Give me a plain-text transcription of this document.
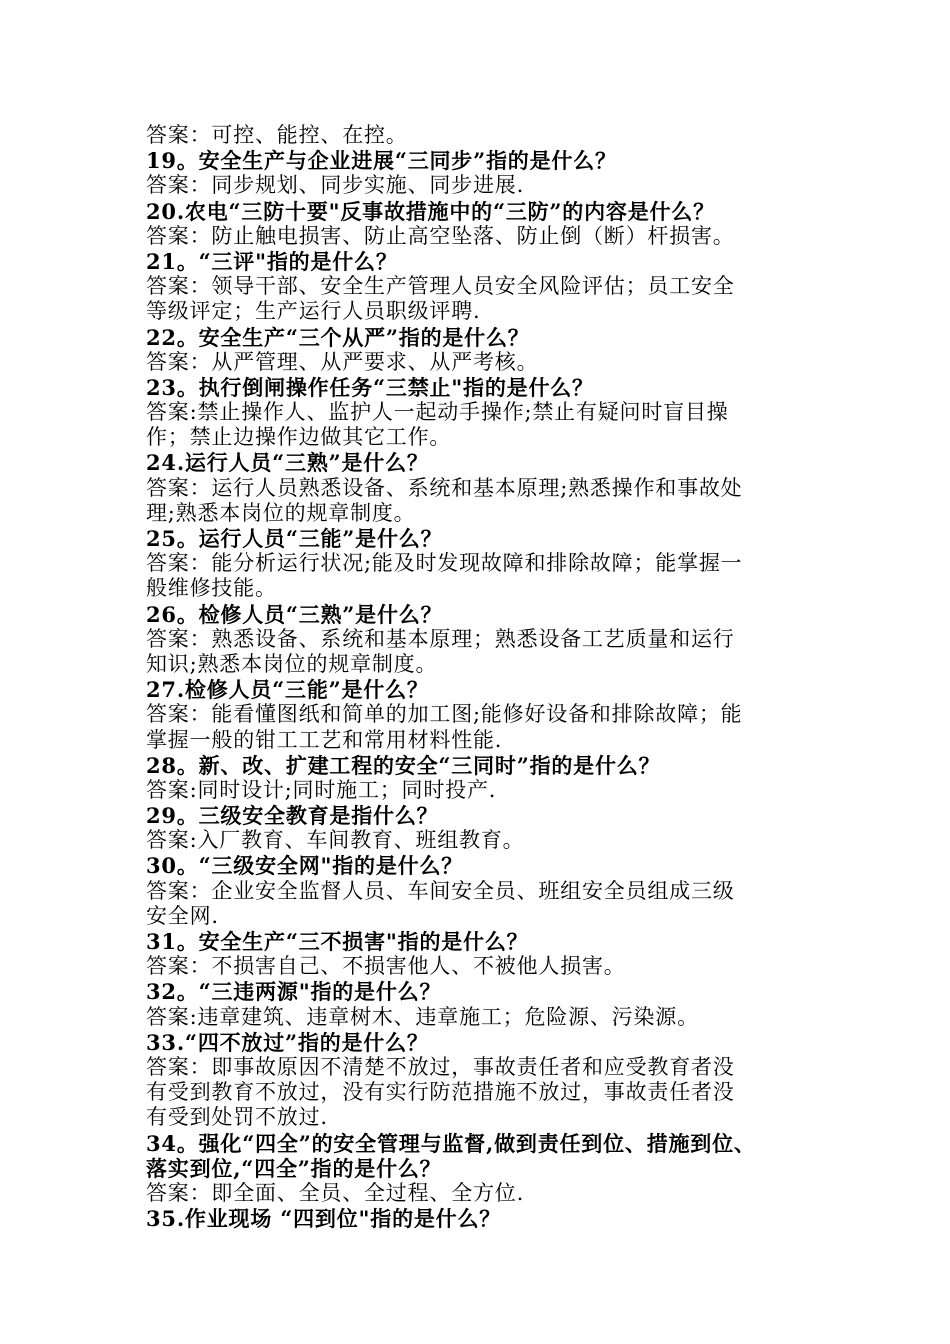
答案：可控、能控、在控。
19。安全生产与企业进展“三同步”指的是什么？
答案：同步规划、同步实施、同步进展.
20.农电“三防十要"反事故措施中的“三防”的内容是什么？
答案：防止触电损害、防止高空坠落、防止倒（断）杆损害。
21。“三评"指的是什么？
答案：领导干部、安全生产管理人员安全风险评估；员工安全
等级评定；生产运行人员职级评聘.
22。安全生产“三个从严”指的是什么？
答案：从严管理、从严要求、从严考核。
23。执行倒闸操作任务“三禁止"指的是什么？
答案:禁止操作人、监护人一起动手操作;禁止有疑问时盲目操
作；禁止边操作边做其它工作。
24.运行人员“三熟”是什么？
答案：运行人员熟悉设备、系统和基本原理;熟悉操作和事故处
理;熟悉本岗位的规章制度。
25。运行人员“三能”是什么？
答案：能分析运行状况;能及时发现故障和排除故障；能掌握一
般维修技能。
26。检修人员“三熟”是什么？
答案：熟悉设备、系统和基本原理；熟悉设备工艺质量和运行
知识;熟悉本岗位的规章制度。
27.检修人员“三能”是什么？
答案：能看懂图纸和简单的加工图;能修好设备和排除故障；能
掌握一般的钳工工艺和常用材料性能.
28。新、改、扩建工程的安全“三同时”指的是什么？
答案:同时设计;同时施工；同时投产.
29。三级安全教育是指什么？
答案:入厂教育、车间教育、班组教育。
30。“三级安全网"指的是什么？
答案：企业安全监督人员、车间安全员、班组安全员组成三级
安全网.
31。安全生产“三不损害"指的是什么？
答案：不损害自己、不损害他人、不被他人损害。
32。“三违两源"指的是什么？
答案:违章建筑、违章树木、违章施工；危险源、污染源。
33.“四不放过”指的是什么？
答案：即事故原因不清楚不放过，事故责任者和应受教育者没
有受到教育不放过，没有实行防范措施不放过，事故责任者没
有受到处罚不放过.
34。强化“四全”的安全管理与监督,做到责任到位、措施到位、
落实到位,“四全”指的是什么？
答案：即全面、全员、全过程、全方位.
35.作业现场 “四到位"指的是什么？
